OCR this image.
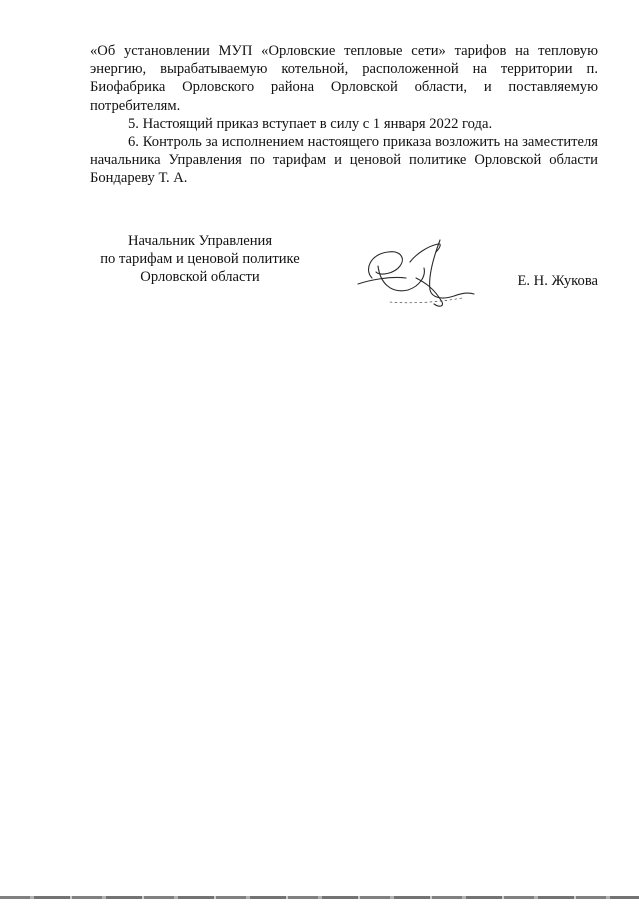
«Об установлении МУП «Орловские тепловые сети» тарифов на тепловую энергию, вырабатываемую котельной, расположенной на территории п. Биофабрика Орловского района Орловской области, и поставляемую потребителям.

5. Настоящий приказ вступает в силу с 1 января 2022 года.

6. Контроль за исполнением настоящего приказа возложить на заместителя начальника Управления по тарифам и ценовой политике Орловской области Бондареву Т. А.

Начальник Управления
по тарифам и ценовой политике
Орловской области	Е. Н. Жукова
